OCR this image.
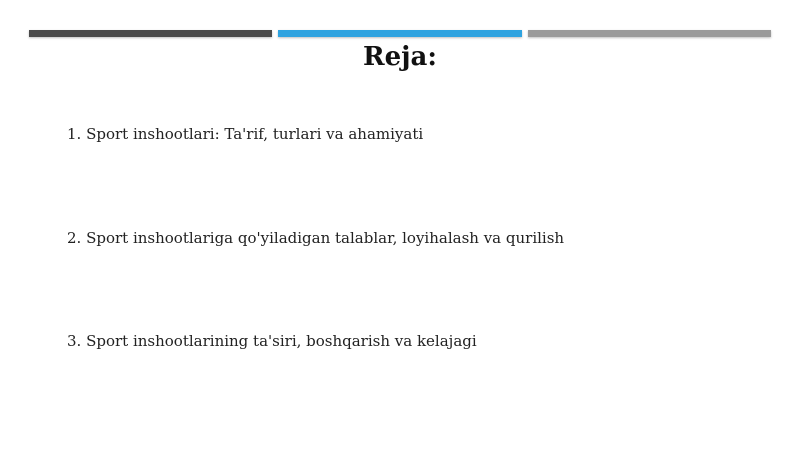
Reja:
1. Sport inshootlari: Ta'rif, turlari va ahamiyati
2. Sport inshootlariga qo'yiladigan talablar, loyihalash va qurilish
3. Sport inshootlarining ta'siri, boshqarish va kelajagi
